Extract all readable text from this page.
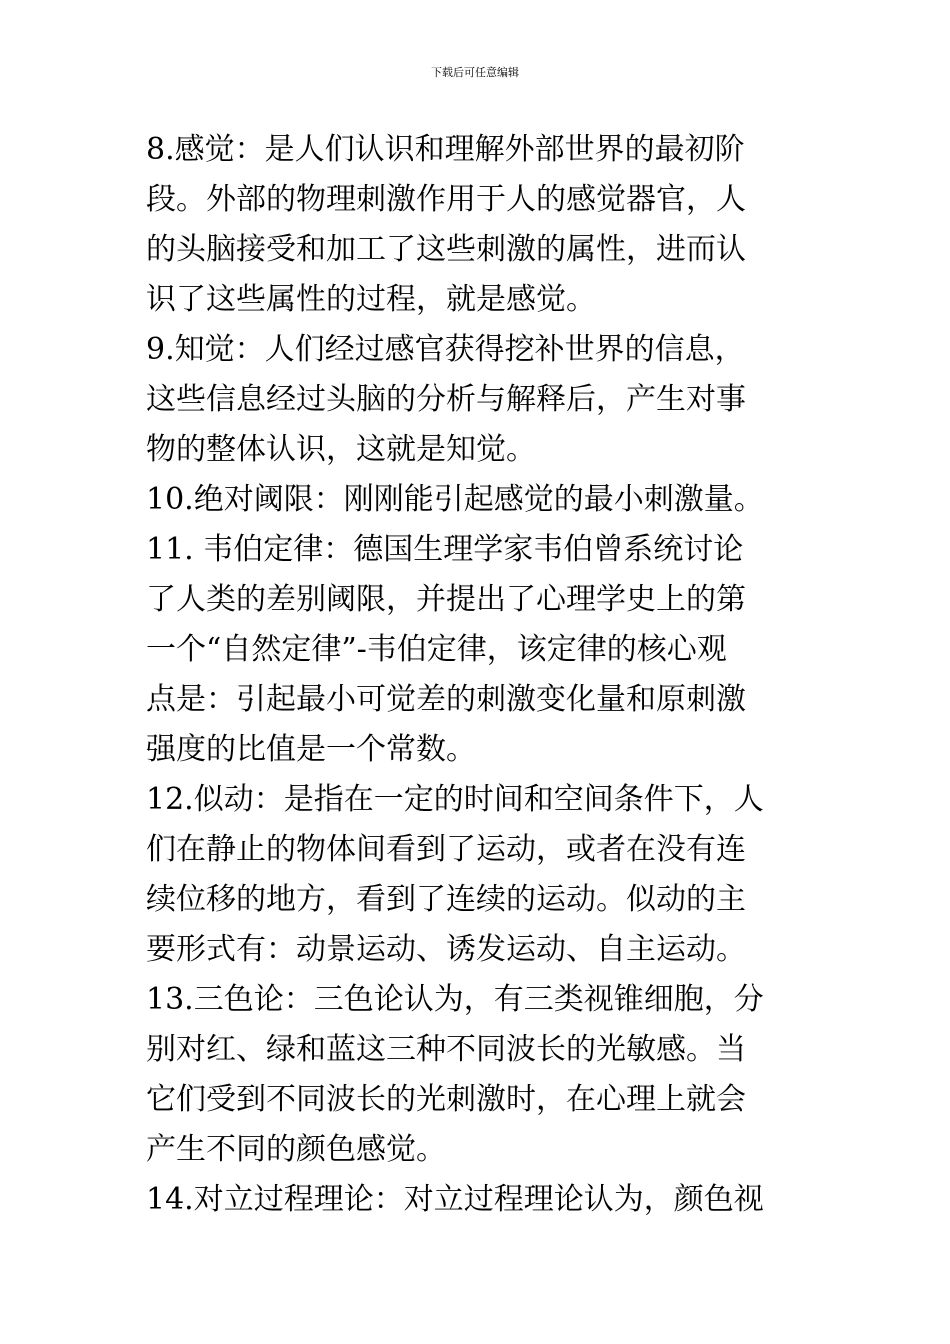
下载后可任意编辑
8.感觉：是人们认识和理解外部世界的最初阶
段。外部的物理刺激作用于人的感觉器官，人
的头脑接受和加工了这些刺激的属性，进而认
识了这些属性的过程，就是感觉。
9.知觉：人们经过感官获得挖补世界的信息，
这些信息经过头脑的分析与解释后，产生对事
物的整体认识，这就是知觉。
10.绝对阈限：刚刚能引起感觉的最小刺激量。
11. 韦伯定律：德国生理学家韦伯曾系统讨论
了人类的差别阈限，并提出了心理学史上的第
一个“自然定律”-韦伯定律，该定律的核心观
点是：引起最小可觉差的刺激变化量和原刺激
强度的比值是一个常数。
12.似动：是指在一定的时间和空间条件下，人
们在静止的物体间看到了运动，或者在没有连
续位移的地方，看到了连续的运动。似动的主
要形式有：动景运动、诱发运动、自主运动。
13.三色论：三色论认为，有三类视锥细胞，分
别对红、绿和蓝这三种不同波长的光敏感。当
它们受到不同波长的光刺激时，在心理上就会
产生不同的颜色感觉。
14.对立过程理论：对立过程理论认为，颜色视
